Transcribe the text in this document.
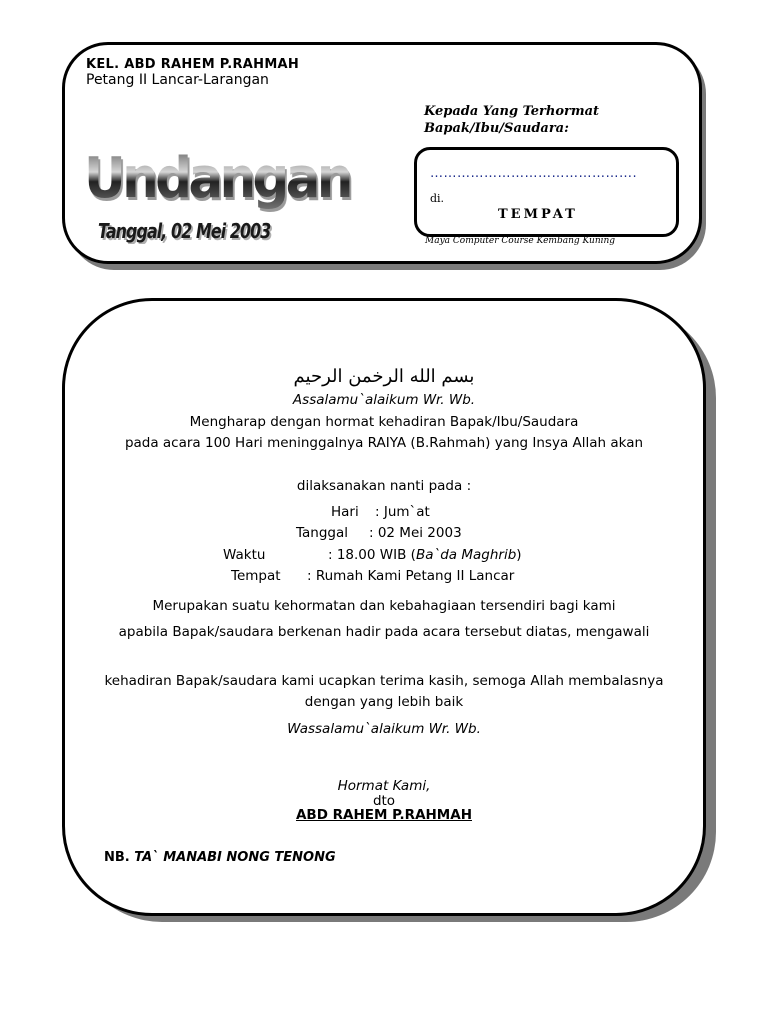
KEL. ABD RAHEM P.RAHMAH
Petang II Lancar-Larangan
Undangan
Tanggal, 02 Mei 2003
Kepada Yang Terhormat
Bapak/Ibu/Saudara:
……………………………………….
di.
TEMPAT
Maya Computer Course Kembang Kuning
بسم الله الرخمن الرحيم
Assalamu`alaikum Wr. Wb.
Mengharap dengan hormat kehadiran Bapak/Ibu/Saudara
pada acara 100 Hari meninggalnya RAIYA (B.Rahmah) yang Insya Allah akan
dilaksanakan nanti pada :
Hari : Jum`at
Tanggal : 02 Mei 2003
Waktu	: 18.00 WIB (Ba`da Maghrib)
Tempat : Rumah Kami Petang II Lancar
Merupakan suatu kehormatan dan kebahagiaan tersendiri bagi kami
apabila Bapak/saudara berkenan hadir pada acara tersebut diatas, mengawali
kehadiran Bapak/saudara kami ucapkan terima kasih, semoga Allah membalasnya dengan yang lebih baik
Wassalamu`alaikum Wr. Wb.
Hormat Kami,
dto
ABD RAHEM P.RAHMAH
NB. TA` MANABI NONG TENONG
